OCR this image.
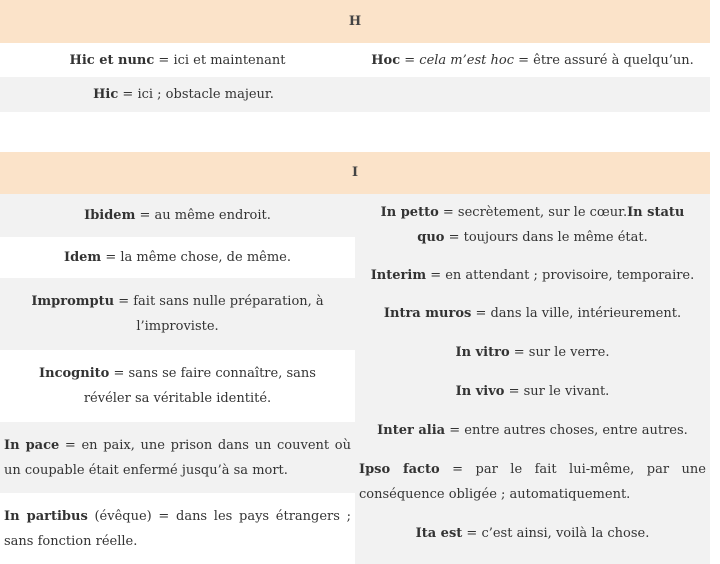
H
Hic et nunc = ici et maintenant	Hoc = cela m’est hoc = être assuré à quelqu’un.
Hic = ici ; obstacle majeur.
I
Ibidem = au même endroit.
Idem = la même chose, de même.
Impromptu = fait sans nulle préparation, à l’improviste.
Incognito = sans se faire connaître, sans révéler sa véritable identité.
In pace = en paix, une prison dans un couvent où un coupable était enfermé jusqu’à sa mort.
In partibus (évêque) = dans les pays étrangers ; sans fonction réelle.
In petto = secrètement, sur le cœur.In statu quo = toujours dans le même état.
Interim = en attendant ; provisoire, temporaire.
Intra muros = dans la ville, intérieurement.
In vitro = sur le verre.
In vivo = sur le vivant.
Inter alia = entre autres choses, entre autres.
Ipso facto = par le fait lui-même, par une conséquence obligée ; automatiquement.
Ita est = c’est ainsi, voilà la chose.
